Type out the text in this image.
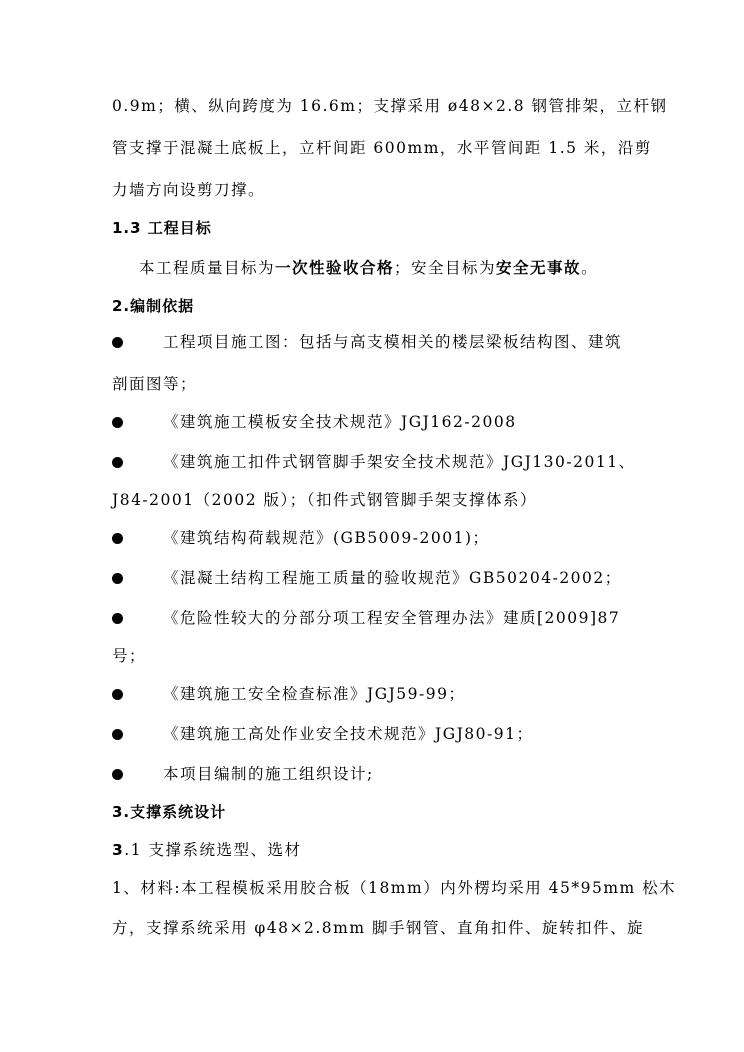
0.9m；横、纵向跨度为 16.6m；支撑采用 ø48×2.8 钢管排架，立杆钢
管支撑于混凝土底板上，立杆间距 600mm，水平管间距 1.5 米，沿剪
力墙方向设剪刀撑。
1.3 工程目标
本工程质量目标为一次性验收合格；安全目标为安全无事故。
2.编制依据
工程项目施工图：包括与高支模相关的楼层梁板结构图、建筑
剖面图等；
《建筑施工模板安全技术规范》JGJ162-2008
《建筑施工扣件式钢管脚手架安全技术规范》JGJ130-2011、
J84-2001（2002 版）；（扣件式钢管脚手架支撑体系）
《建筑结构荷载规范》(GB5009-2001)；
《混凝土结构工程施工质量的验收规范》GB50204-2002；
《危险性较大的分部分项工程安全管理办法》建质[2009]87
号；
《建筑施工安全检查标准》JGJ59-99；
《建筑施工高处作业安全技术规范》JGJ80-91；
本项目编制的施工组织设计;
3.支撑系统设计
3.1 支撑系统选型、选材
1、材料:本工程模板采用胶合板（18mm）内外楞均采用 45*95mm 松木
方，支撑系统采用 φ48×2.8mm 脚手钢管、直角扣件、旋转扣件、旋
